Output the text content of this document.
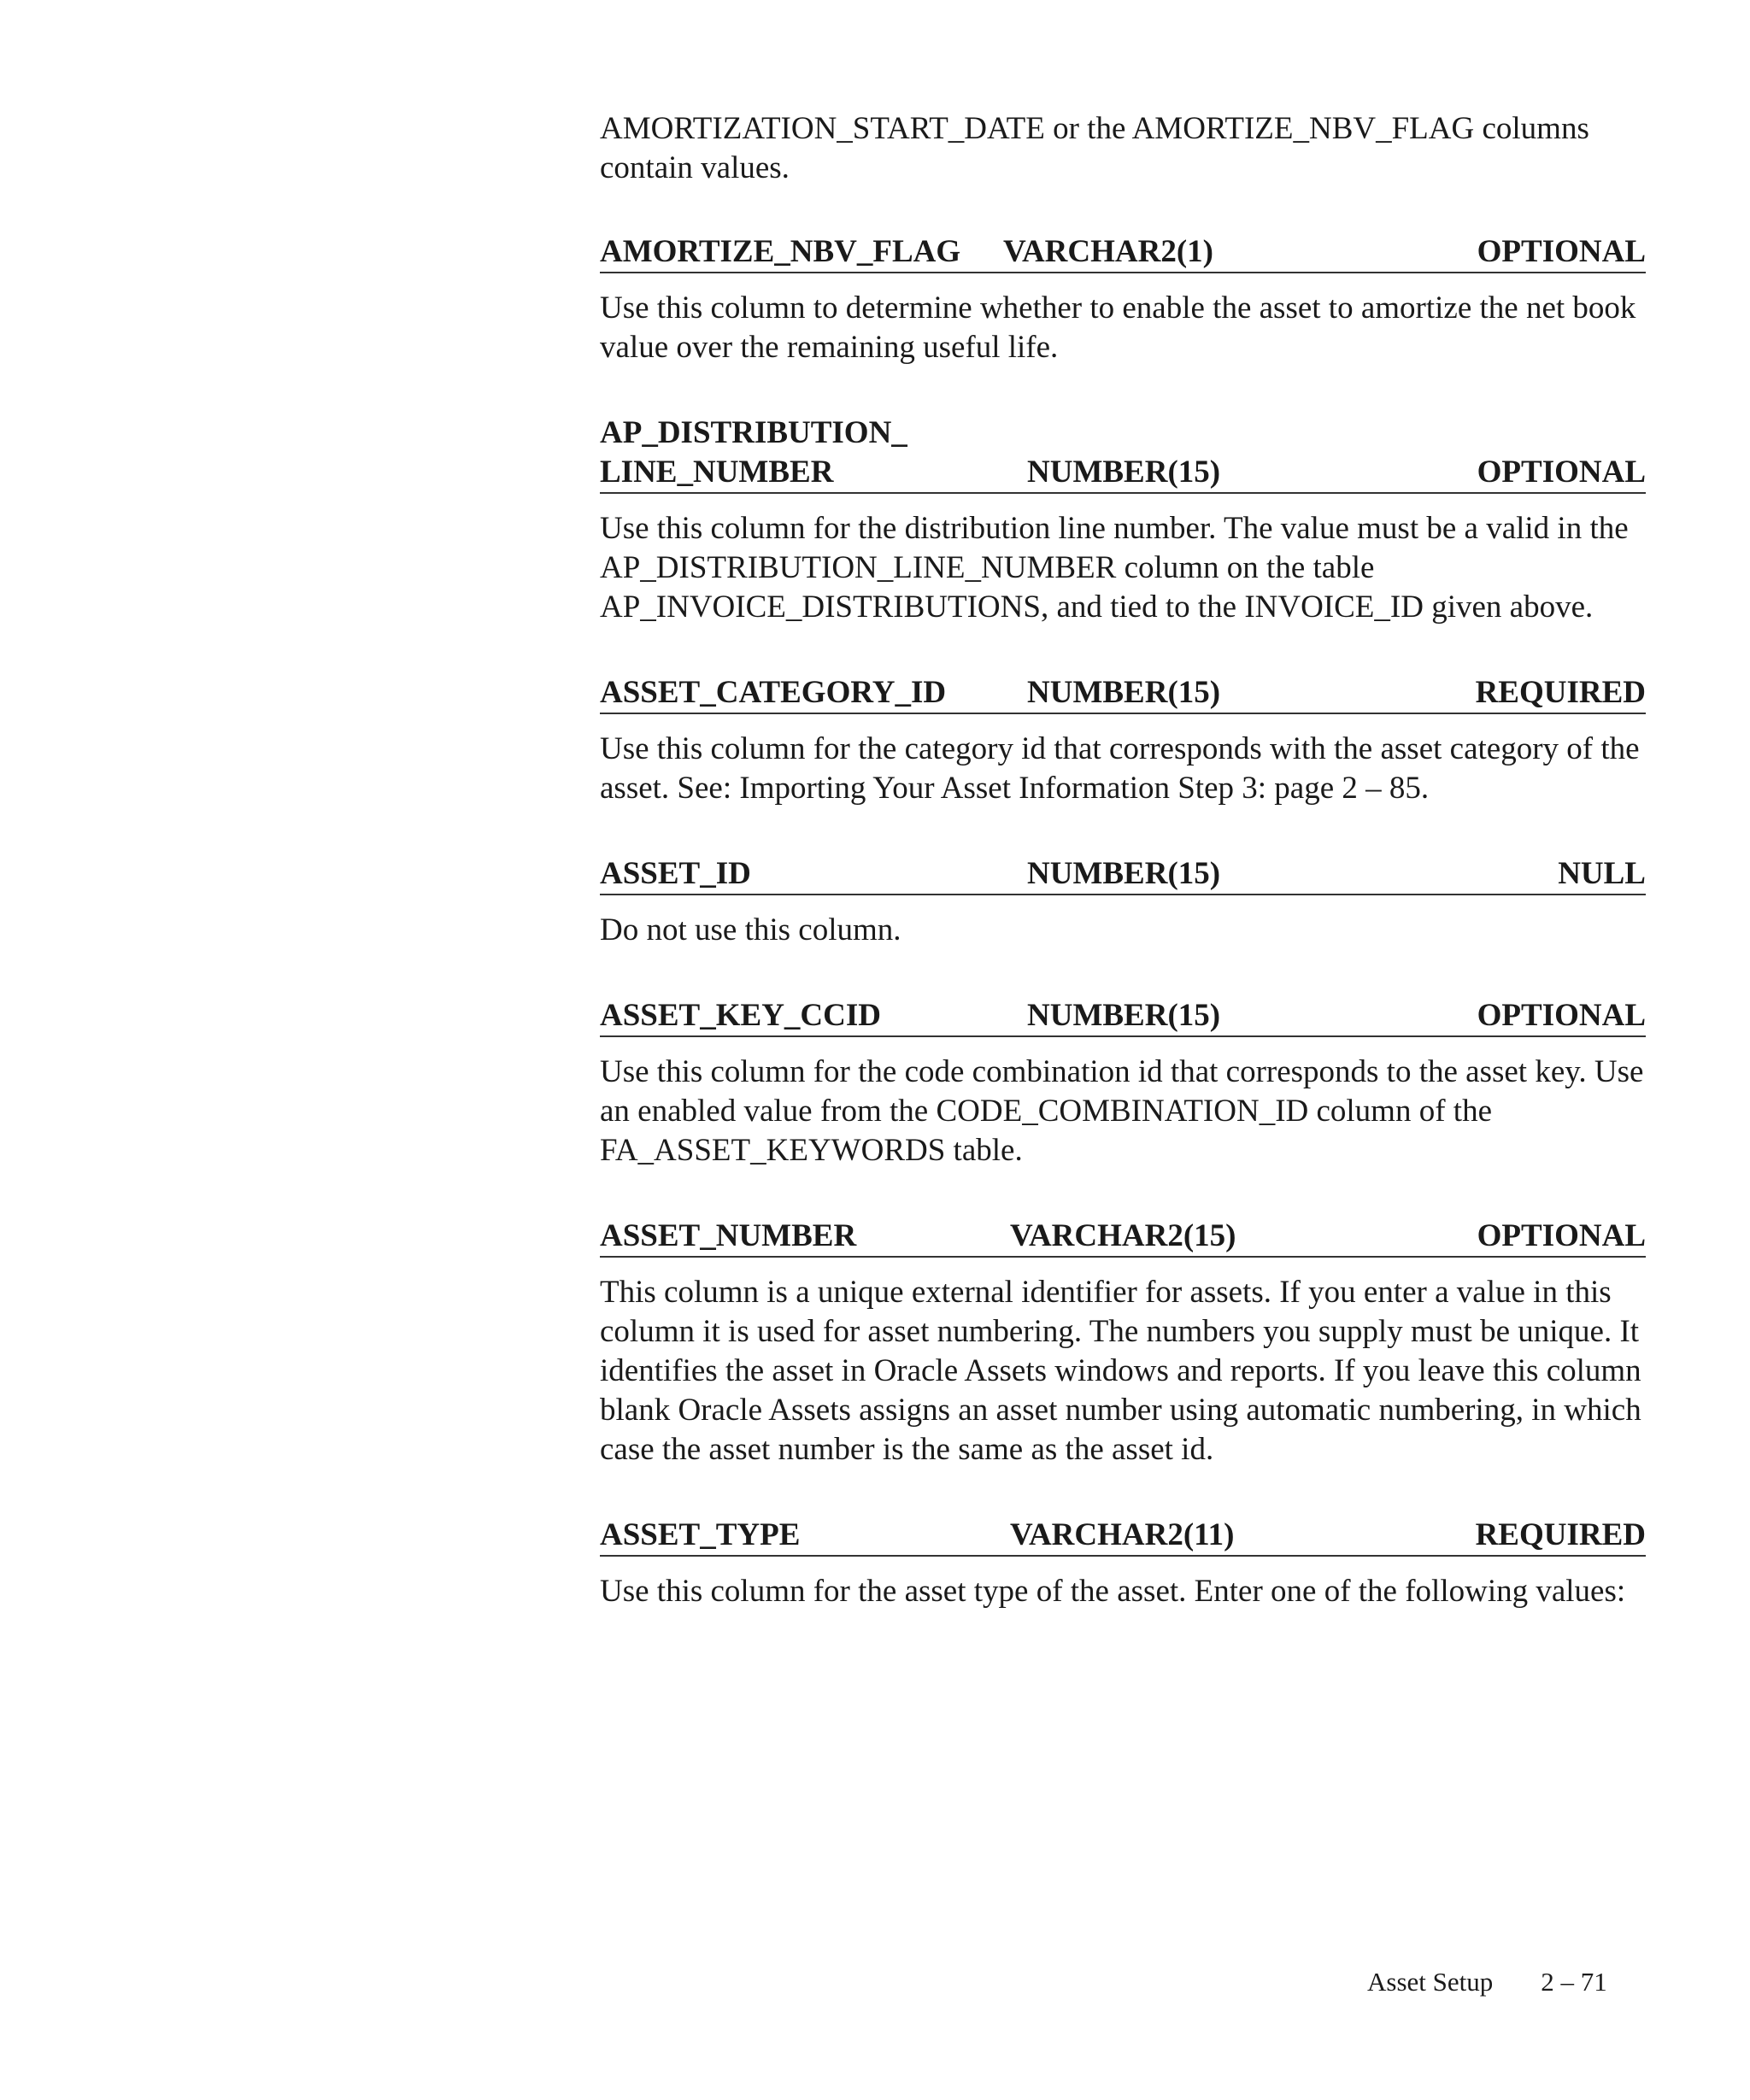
AMORTIZATION_START_DATE or the AMORTIZE_NBV_FLAG columns contain values.

AMORTIZE_NBV_FLAG	VARCHAR2(1)	OPTIONAL
Use this column to determine whether to enable the asset to amortize the net book value over the remaining useful life.
AP_DISTRIBUTION_
LINE_NUMBER	NUMBER(15)	OPTIONAL
Use this column for the distribution line number. The value must be a valid in the AP_DISTRIBUTION_LINE_NUMBER column on the table AP_INVOICE_DISTRIBUTIONS, and tied to the INVOICE_ID given above.
ASSET_CATEGORY_ID	NUMBER(15)	REQUIRED
Use this column for the category id that corresponds with the asset category of the asset. See: Importing Your Asset Information Step 3: page 2 – 85.
ASSET_ID	NUMBER(15)	NULL
Do not use this column.
ASSET_KEY_CCID	NUMBER(15)	OPTIONAL
Use this column for the code combination id that corresponds to the asset key. Use an enabled value from the CODE_COMBINATION_ID column of the FA_ASSET_KEYWORDS table.
ASSET_NUMBER	VARCHAR2(15)	OPTIONAL
This column is a unique external identifier for assets. If you enter a value in this column it is used for asset numbering. The numbers you supply must be unique. It identifies the asset in Oracle Assets windows and reports. If you leave this column blank Oracle Assets assigns an asset number using automatic numbering, in which case the asset number is the same as the asset id.
ASSET_TYPE	VARCHAR2(11)	REQUIRED
Use this column for the asset type of the asset. Enter one of the following values:
Asset Setup 2 – 71
